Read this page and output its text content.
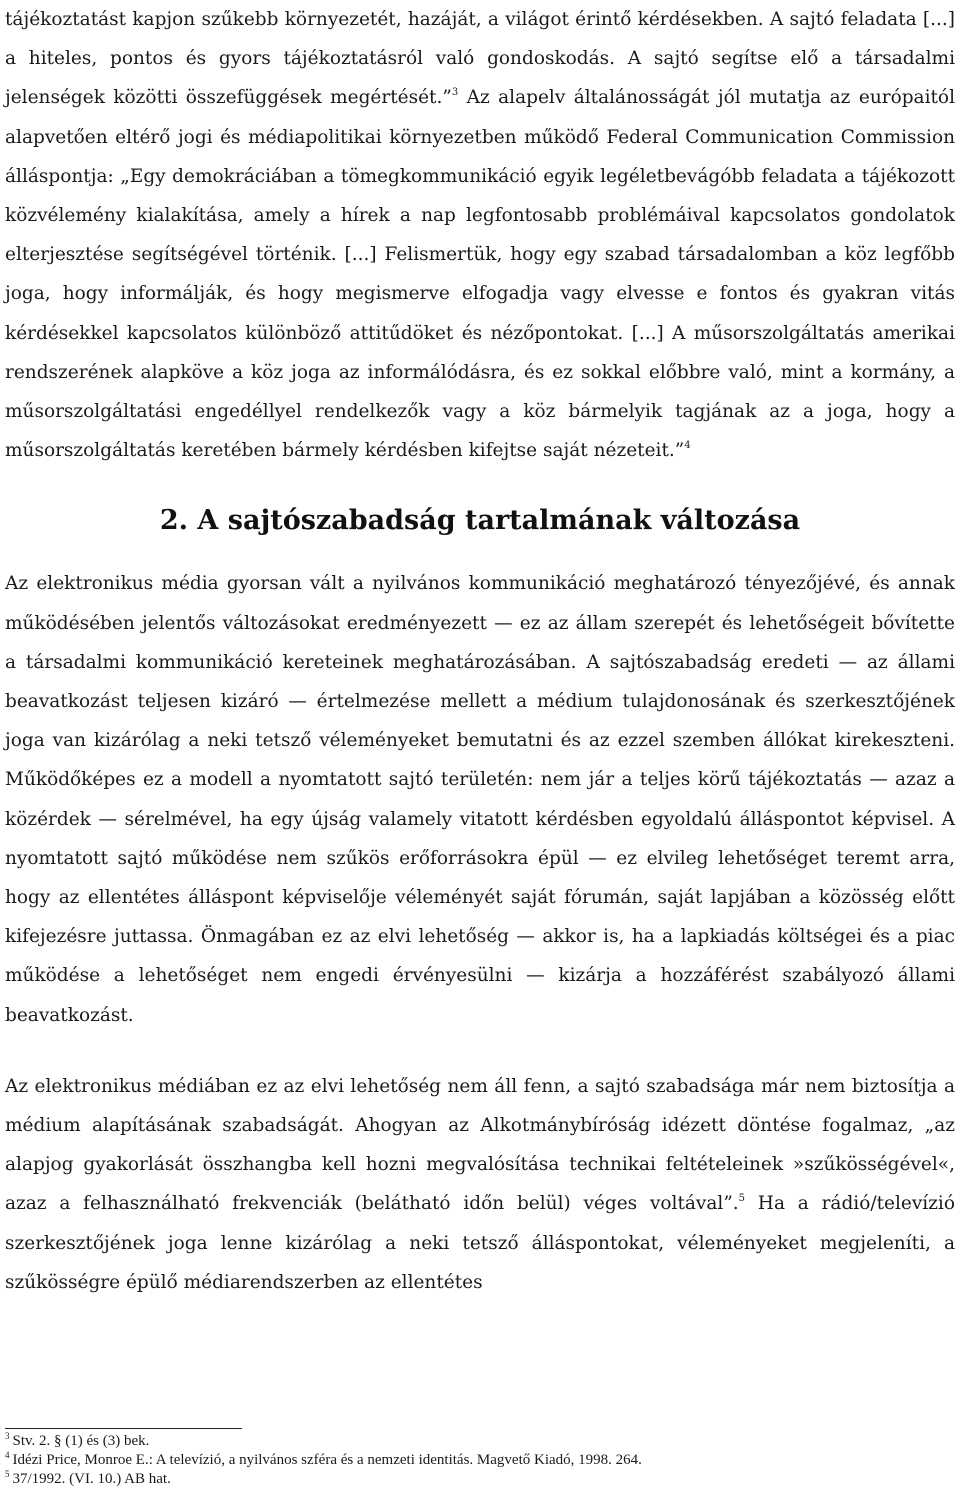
tájékoztatást kapjon szűkebb környezetét, hazáját, a világot érintő kérdésekben. A sajtó feladata [...] a hiteles, pontos és gyors tájékoztatásról való gondoskodás. A sajtó segítse elő a társadalmi jelenségek közötti összefüggések megértését.”$^3$ Az alapelv általánosságát jól mutatja az európaitól alapvetően eltérő jogi és médiapolitikai környezetben működő Federal Communication Commission álláspontja: „Egy demokráciában a tömegkommunikáció egyik legéletbevágóbb feladata a tájékozott közvélemény kialakítása, amely a hírek a nap legfontosabb problémáival kapcsolatos gondolatok elterjesztése segítségével történik. [...] Felismertük, hogy egy szabad társadalomban a köz legfőbb joga, hogy informálják, és hogy megismerve elfogadja vagy elvesse e fontos és gyakran vitás kérdésekkel kapcsolatos különböző attitűdöket és nézőpontokat. [...] A műsorszolgáltatás amerikai rendszerének alapköve a köz joga az informálódásra, és ez sokkal előbbre való, mint a kormány, a műsorszolgáltatási engedéllyel rendelkezők vagy a köz bármelyik tagjának az a joga, hogy a műsorszolgáltatás keretében bármely kérdésben kifejtse saját nézeteit.”$^4$

2. A sajtószabadság tartalmának változása

Az elektronikus média gyorsan vált a nyilvános kommunikáció meghatározó tényezőjévé, és annak működésében jelentős változásokat eredményezett — ez az állam szerepét és lehetőségeit bővítette a társadalmi kommunikáció kereteinek meghatározásában. A sajtószabadság eredeti — az állami beavatkozást teljesen kizáró — értelmezése mellett a médium tulajdonosának és szerkesztőjének joga van kizárólag a neki tetsző véleményeket bemutatni és az ezzel szemben állókat kirekeszteni. Működőképes ez a modell a nyomtatott sajtó területén: nem jár a teljes körű tájékoztatás — azaz a közérdek — sérelmével, ha egy újság valamely vitatott kérdésben egyoldalú álláspontot képvisel. A nyomtatott sajtó működése nem szűkös erőforrásokra épül — ez elvileg lehetőséget teremt arra, hogy az ellentétes álláspont képviselője véleményét saját fórumán, saját lapjában a közösség előtt kifejezésre juttassa. Önmagában ez az elvi lehetőség — akkor is, ha a lapkiadás költségei és a piac működése a lehetőséget nem engedi érvényesülni — kizárja a hozzáférést szabályozó állami beavatkozást.

Az elektronikus médiában ez az elvi lehetőség nem áll fenn, a sajtó szabadsága már nem biztosítja a médium alapításának szabadságát. Ahogyan az Alkotmánybíróság idézett döntése fogalmaz, „az alapjog gyakorlását összhangba kell hozni megvalósítása technikai feltételeinek »szűkösségével«, azaz a felhasználható frekvenciák (belátható időn belül) véges voltával”.$^5$ Ha a rádió/televízió szerkesztőjének joga lenne kizárólag a neki tetsző álláspontokat, véleményeket megjeleníti, a szűkösségre épülő médiarendszerben az ellentétes

$^3$ Stv. 2. § (1) és (3) bek.
$^4$ Idézi Price, Monroe E.: A televízió, a nyilvános szféra és a nemzeti identitás. Magvető Kiadó, 1998. 264.
$^5$ 37/1992. (VI. 10.) AB hat.
